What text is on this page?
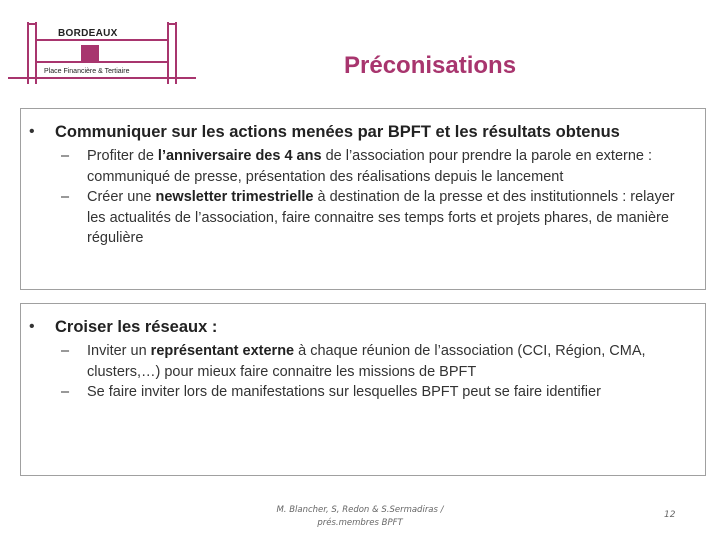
BORDEAUX
Place Financière & Tertiaire	Préconisations
•	Communiquer sur les actions menées par BPFT et les résultats obtenus
–	Profiter de l’anniversaire des 4 ans de l’association pour prendre la parole en externe : communiqué de presse, présentation des réalisations depuis le lancement
–	Créer une newsletter trimestrielle à destination de la presse et des institutionnels : relayer les actualités de l’association, faire connaitre ses temps forts et projets phares, de manière régulière
•	Croiser les réseaux :
–	Inviter un représentant externe à chaque réunion de l’association (CCI, Région, CMA, clusters,…) pour mieux faire connaitre les missions de BPFT
–	Se faire inviter lors de manifestations sur lesquelles BPFT peut se faire identifier
M. Blancher, S, Redon & S.Sermadiras /
prés.membres BPFT
12
